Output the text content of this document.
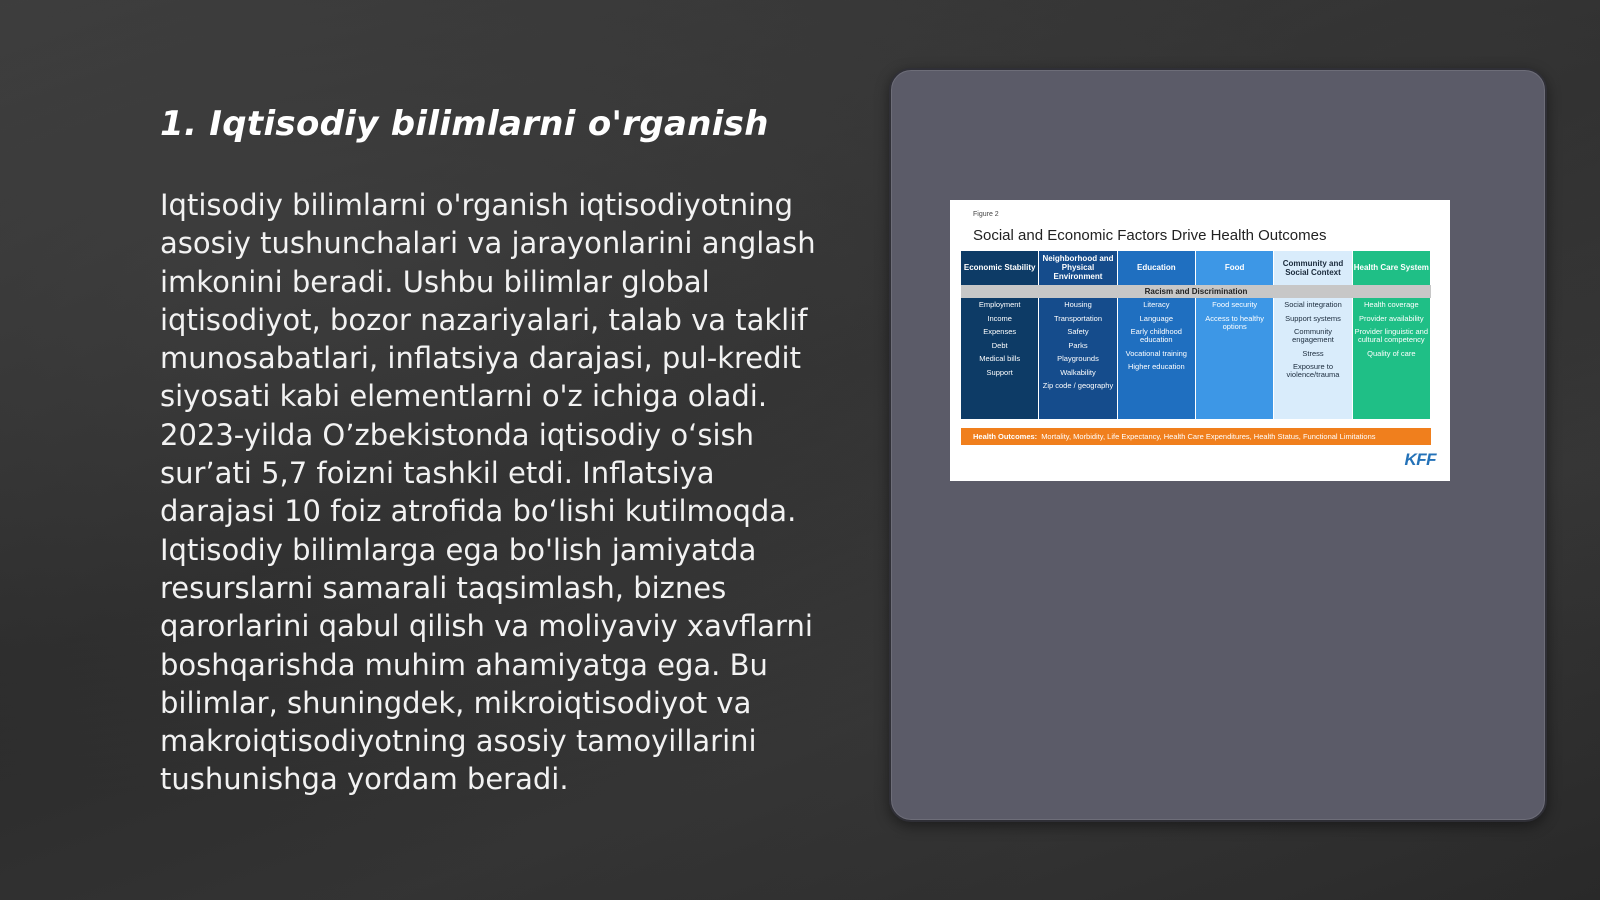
1. Iqtisodiy bilimlarni o'rganish

Iqtisodiy bilimlarni o'rganish iqtisodiyotning asosiy tushunchalari va jarayonlarini anglash imkonini beradi. Ushbu bilimlar global iqtisodiyot, bozor nazariyalari, talab va taklif munosabatlari, inflatsiya darajasi, pul-kredit siyosati kabi elementlarni o'z ichiga oladi. 2023-yilda O’zbekistonda iqtisodiy o‘sish sur’ati 5,7 foizni tashkil etdi. Inflatsiya darajasi 10 foiz atrofida bo‘lishi kutilmoqda. Iqtisodiy bilimlarga ega bo'lish jamiyatda resurslarni samarali taqsimlash, biznes qarorlarini qabul qilish va moliyaviy xavflarni boshqarishda muhim ahamiyatga ega. Bu bilimlar, shuningdek, mikroiqtisodiyot va makroiqtisodiyotning asosiy tamoyillarini tushunishga yordam beradi.

Figure 2
Social and Economic Factors Drive Health Outcomes
Economic Stability
Employment
Income
Expenses
Debt
Medical bills
Support
Neighborhood and Physical Environment
Housing
Transportation
Safety
Parks
Playgrounds
Walkability
Zip code / geography
Education
Literacy
Language
Early childhood education
Vocational training
Higher education
Food
Food security
Access to healthy options
Community and Social Context
Social integration
Support systems
Community engagement
Stress
Exposure to violence/trauma
Health Care System
Health coverage
Provider availability
Provider linguistic and cultural competency
Quality of care
Racism and Discrimination
Health Outcomes: Mortality, Morbidity, Life Expectancy, Health Care Expenditures, Health Status, Functional Limitations
KFF
